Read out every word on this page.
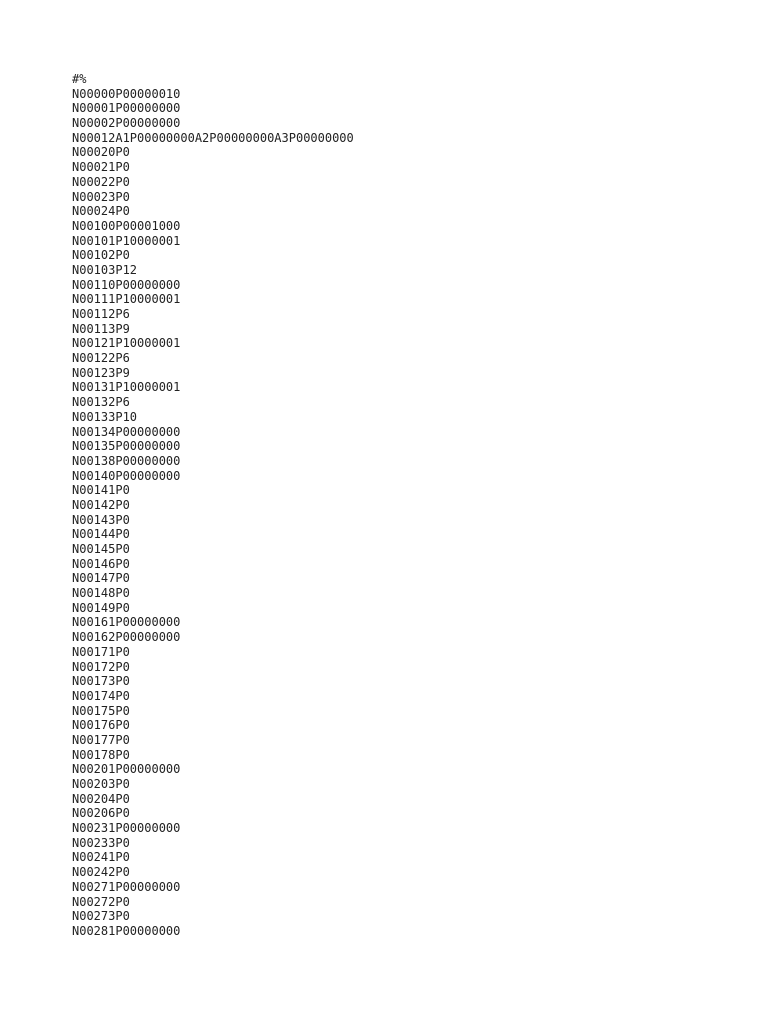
#%
N00000P00000010
N00001P00000000
N00002P00000000
N00012A1P00000000A2P00000000A3P00000000
N00020P0
N00021P0
N00022P0
N00023P0
N00024P0
N00100P00001000
N00101P10000001
N00102P0
N00103P12
N00110P00000000
N00111P10000001
N00112P6
N00113P9
N00121P10000001
N00122P6
N00123P9
N00131P10000001
N00132P6
N00133P10
N00134P00000000
N00135P00000000
N00138P00000000
N00140P00000000
N00141P0
N00142P0
N00143P0
N00144P0
N00145P0
N00146P0
N00147P0
N00148P0
N00149P0
N00161P00000000
N00162P00000000
N00171P0
N00172P0
N00173P0
N00174P0
N00175P0
N00176P0
N00177P0
N00178P0
N00201P00000000
N00203P0
N00204P0
N00206P0
N00231P00000000
N00233P0
N00241P0
N00242P0
N00271P00000000
N00272P0
N00273P0
N00281P00000000
